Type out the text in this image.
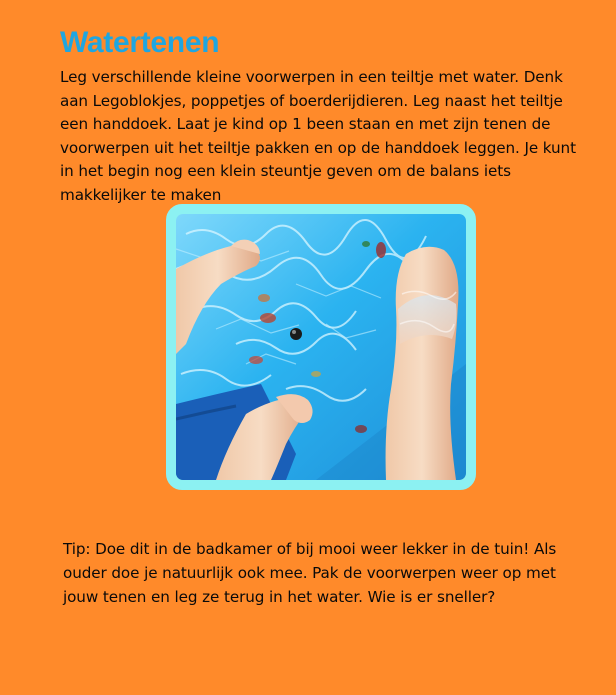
Watertenen

Leg verschillende kleine voorwerpen in een teiltje met water. Denk aan Legoblokjes, poppetjes of boerderijdieren. Leg naast het teiltje een handdoek. Laat je kind op 1 been staan en met zijn tenen de voorwerpen uit het teiltje pakken en op de handdoek leggen. Je kunt in het begin nog een klein steuntje geven om de balans iets makkelijker te maken

Tip: Doe dit in de badkamer of bij mooi weer lekker in de tuin! Als ouder doe je natuurlijk ook mee. Pak de voorwerpen weer op met jouw tenen en leg ze terug in het water. Wie is er sneller?
